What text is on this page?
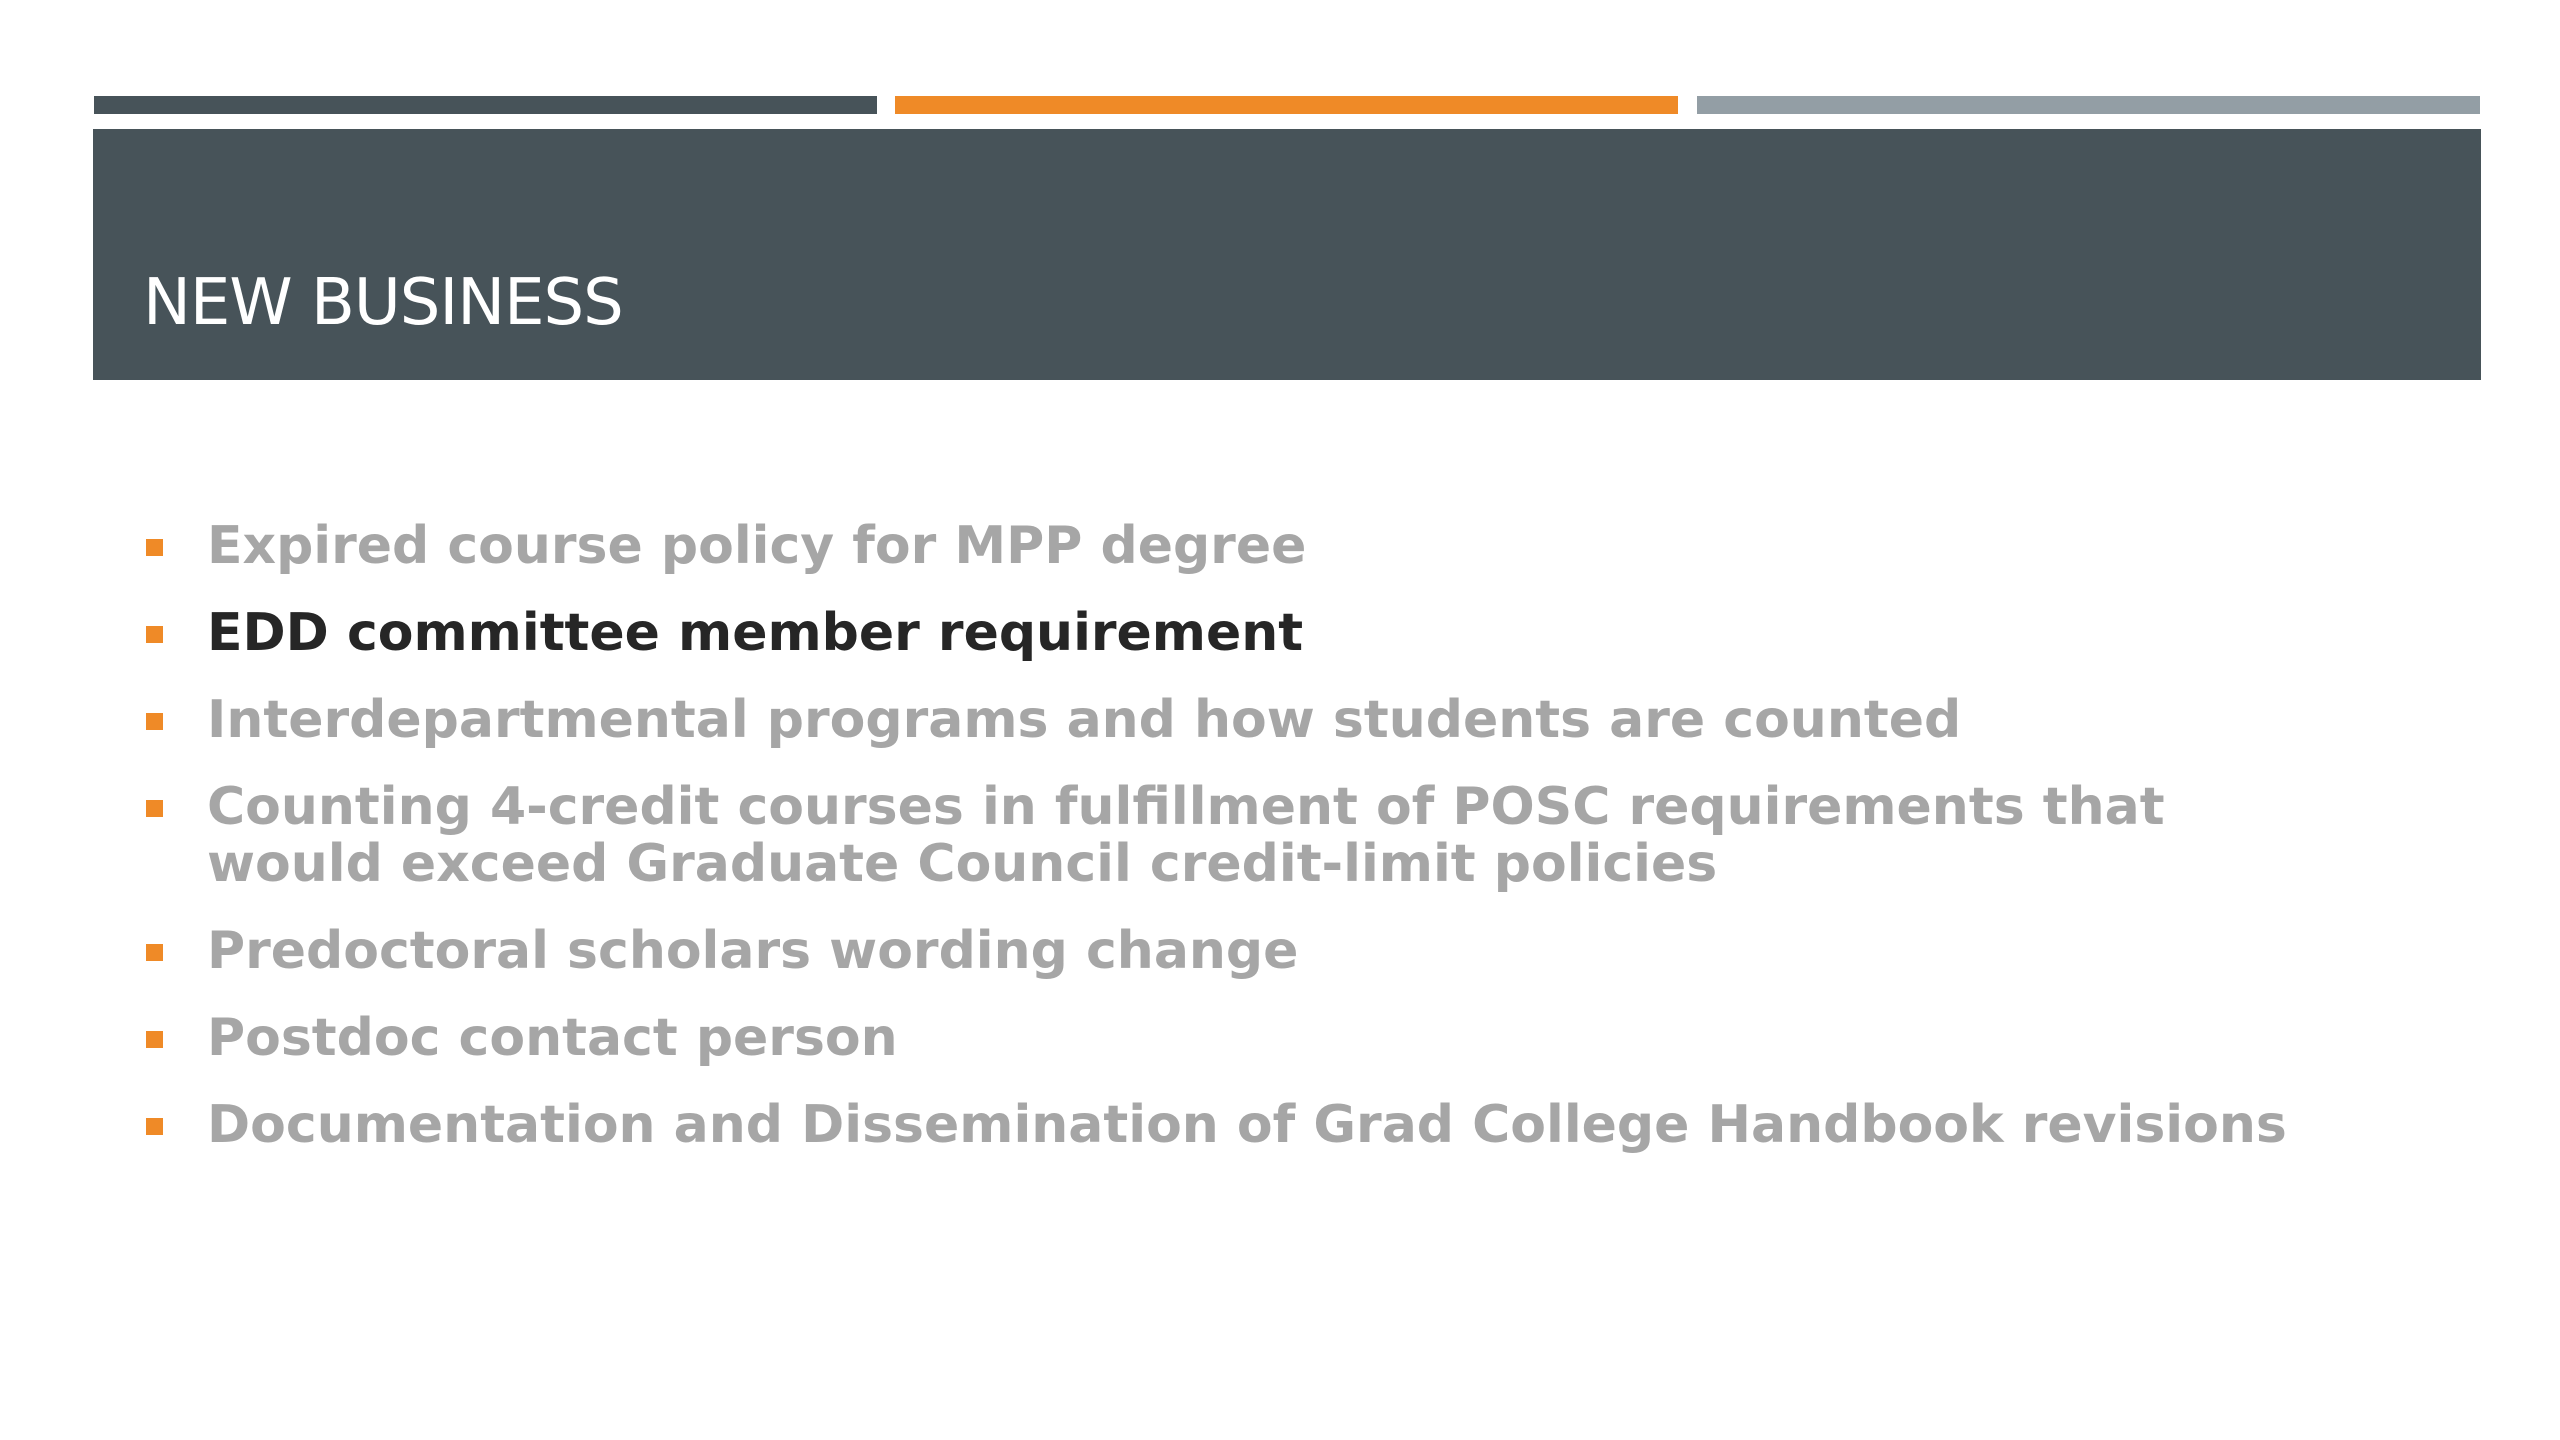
NEW BUSINESS
Expired course policy for MPP degree
EDD committee member requirement
Interdepartmental programs and how students are counted
Counting 4-credit courses in fulfillment of POSC requirements that would exceed Graduate Council credit-limit policies
Predoctoral scholars wording change
Postdoc contact person
Documentation and Dissemination of Grad College Handbook revisions
